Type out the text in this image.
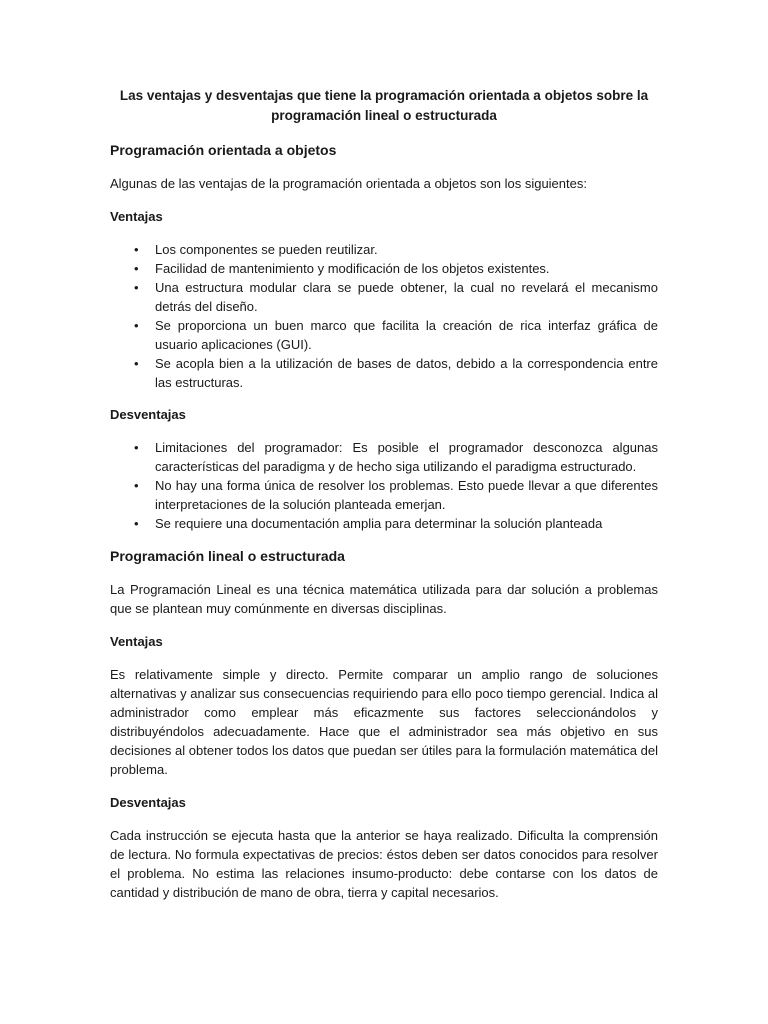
Las ventajas y desventajas que tiene la programación orientada a objetos sobre la
programación lineal o estructurada
Programación orientada a objetos
Algunas de las ventajas de la programación orientada a objetos son los siguientes:
Ventajas
• Los componentes se pueden reutilizar.
• Facilidad de mantenimiento y modificación de los objetos existentes.
• Una estructura modular clara se puede obtener, la cual no revelará el mecanismo detrás del diseño.
• Se proporciona un buen marco que facilita la creación de rica interfaz gráfica de usuario aplicaciones (GUI).
• Se acopla bien a la utilización de bases de datos, debido a la correspondencia entre las estructuras.
Desventajas
• Limitaciones del programador: Es posible el programador desconozca algunas características del paradigma y de hecho siga utilizando el paradigma estructurado.
• No hay una forma única de resolver los problemas. Esto puede llevar a que diferentes interpretaciones de la solución planteada emerjan.
• Se requiere una documentación amplia para determinar la solución planteada
Programación lineal o estructurada
La Programación Lineal es una técnica matemática utilizada para dar solución a problemas que se plantean muy comúnmente en diversas disciplinas.
Ventajas
Es relativamente simple y directo. Permite comparar un amplio rango de soluciones alternativas y analizar sus consecuencias requiriendo para ello poco tiempo gerencial. Indica al administrador como emplear más eficazmente sus factores seleccionándolos y distribuyéndolos adecuadamente. Hace que el administrador sea más objetivo en sus decisiones al obtener todos los datos que puedan ser útiles para la formulación matemática del problema.
Desventajas
Cada instrucción se ejecuta hasta que la anterior se haya realizado. Dificulta la comprensión de lectura. No formula expectativas de precios: éstos deben ser datos conocidos para resolver el problema. No estima las relaciones insumo-producto: debe contarse con los datos de cantidad y distribución de mano de obra, tierra y capital necesarios.
